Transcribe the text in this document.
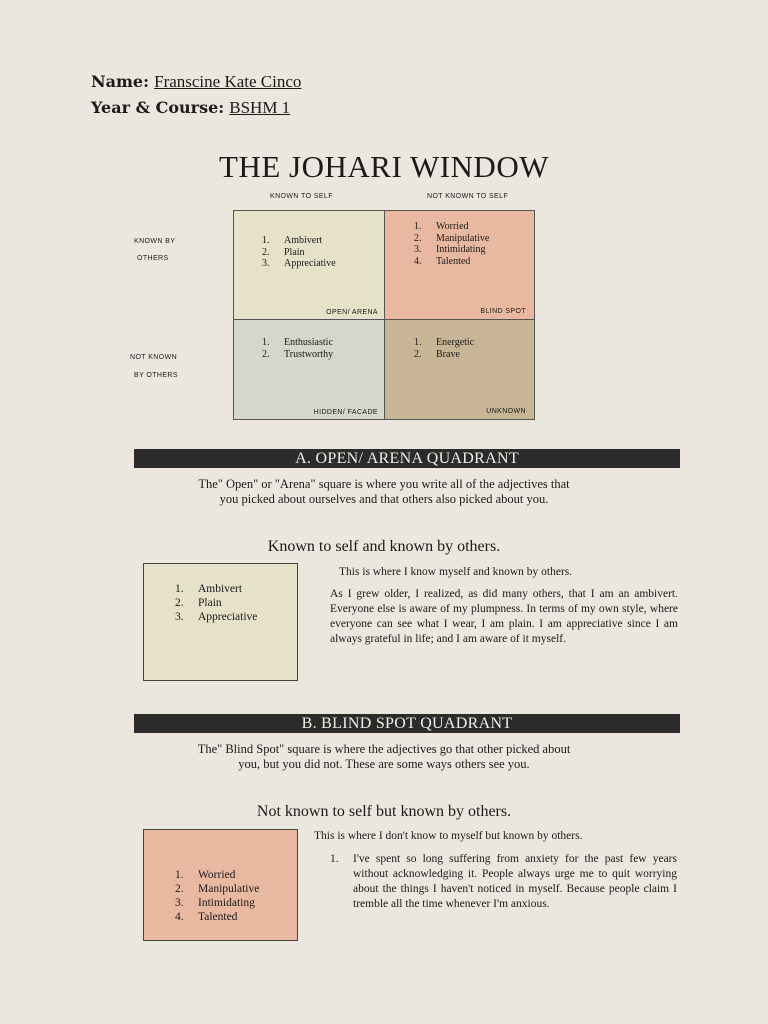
Name: Franscine Kate Cinco
Year & Course: BSHM 1
THE JOHARI WINDOW
KNOWN TO SELF	NOT KNOWN TO SELF
KNOWN BY
OTHERS
NOT KNOWN
BY OTHERS
1. Ambivert
2. Plain
3. Appreciative
OPEN/ ARENA
1. Worried
2. Manipulative
3. Intimidating
4. Talented
BLIND SPOT
1. Enthusiastic
2. Trustworthy
HIDDEN/ FACADE
1. Energetic
2. Brave
UNKNOWN
A. OPEN/ ARENA QUADRANT
The" Open" or "Arena" square is where you write all of the adjectives that
you picked about ourselves and that others also picked about you.
Known to self and known by others.
1. Ambivert
2. Plain
3. Appreciative
This is where I know myself and known by others.
As I grew older, I realized, as did many others, that I am an ambivert. Everyone else is aware of my plumpness. In terms of my own style, where everyone can see what I wear, I am plain. I am appreciative since I am always grateful in life; and I am aware of it myself.
B. BLIND SPOT QUADRANT
The" Blind Spot" square is where the adjectives go that other picked about
you, but you did not. These are some ways others see you.
Not known to self but known by others.
1. Worried
2. Manipulative
3. Intimidating
4. Talented
This is where I don't know to myself but known by others.
1.	I've spent so long suffering from anxiety for the past few years without acknowledging it. People always urge me to quit worrying about the things I haven't noticed in myself. Because people claim I tremble all the time whenever I'm anxious.
